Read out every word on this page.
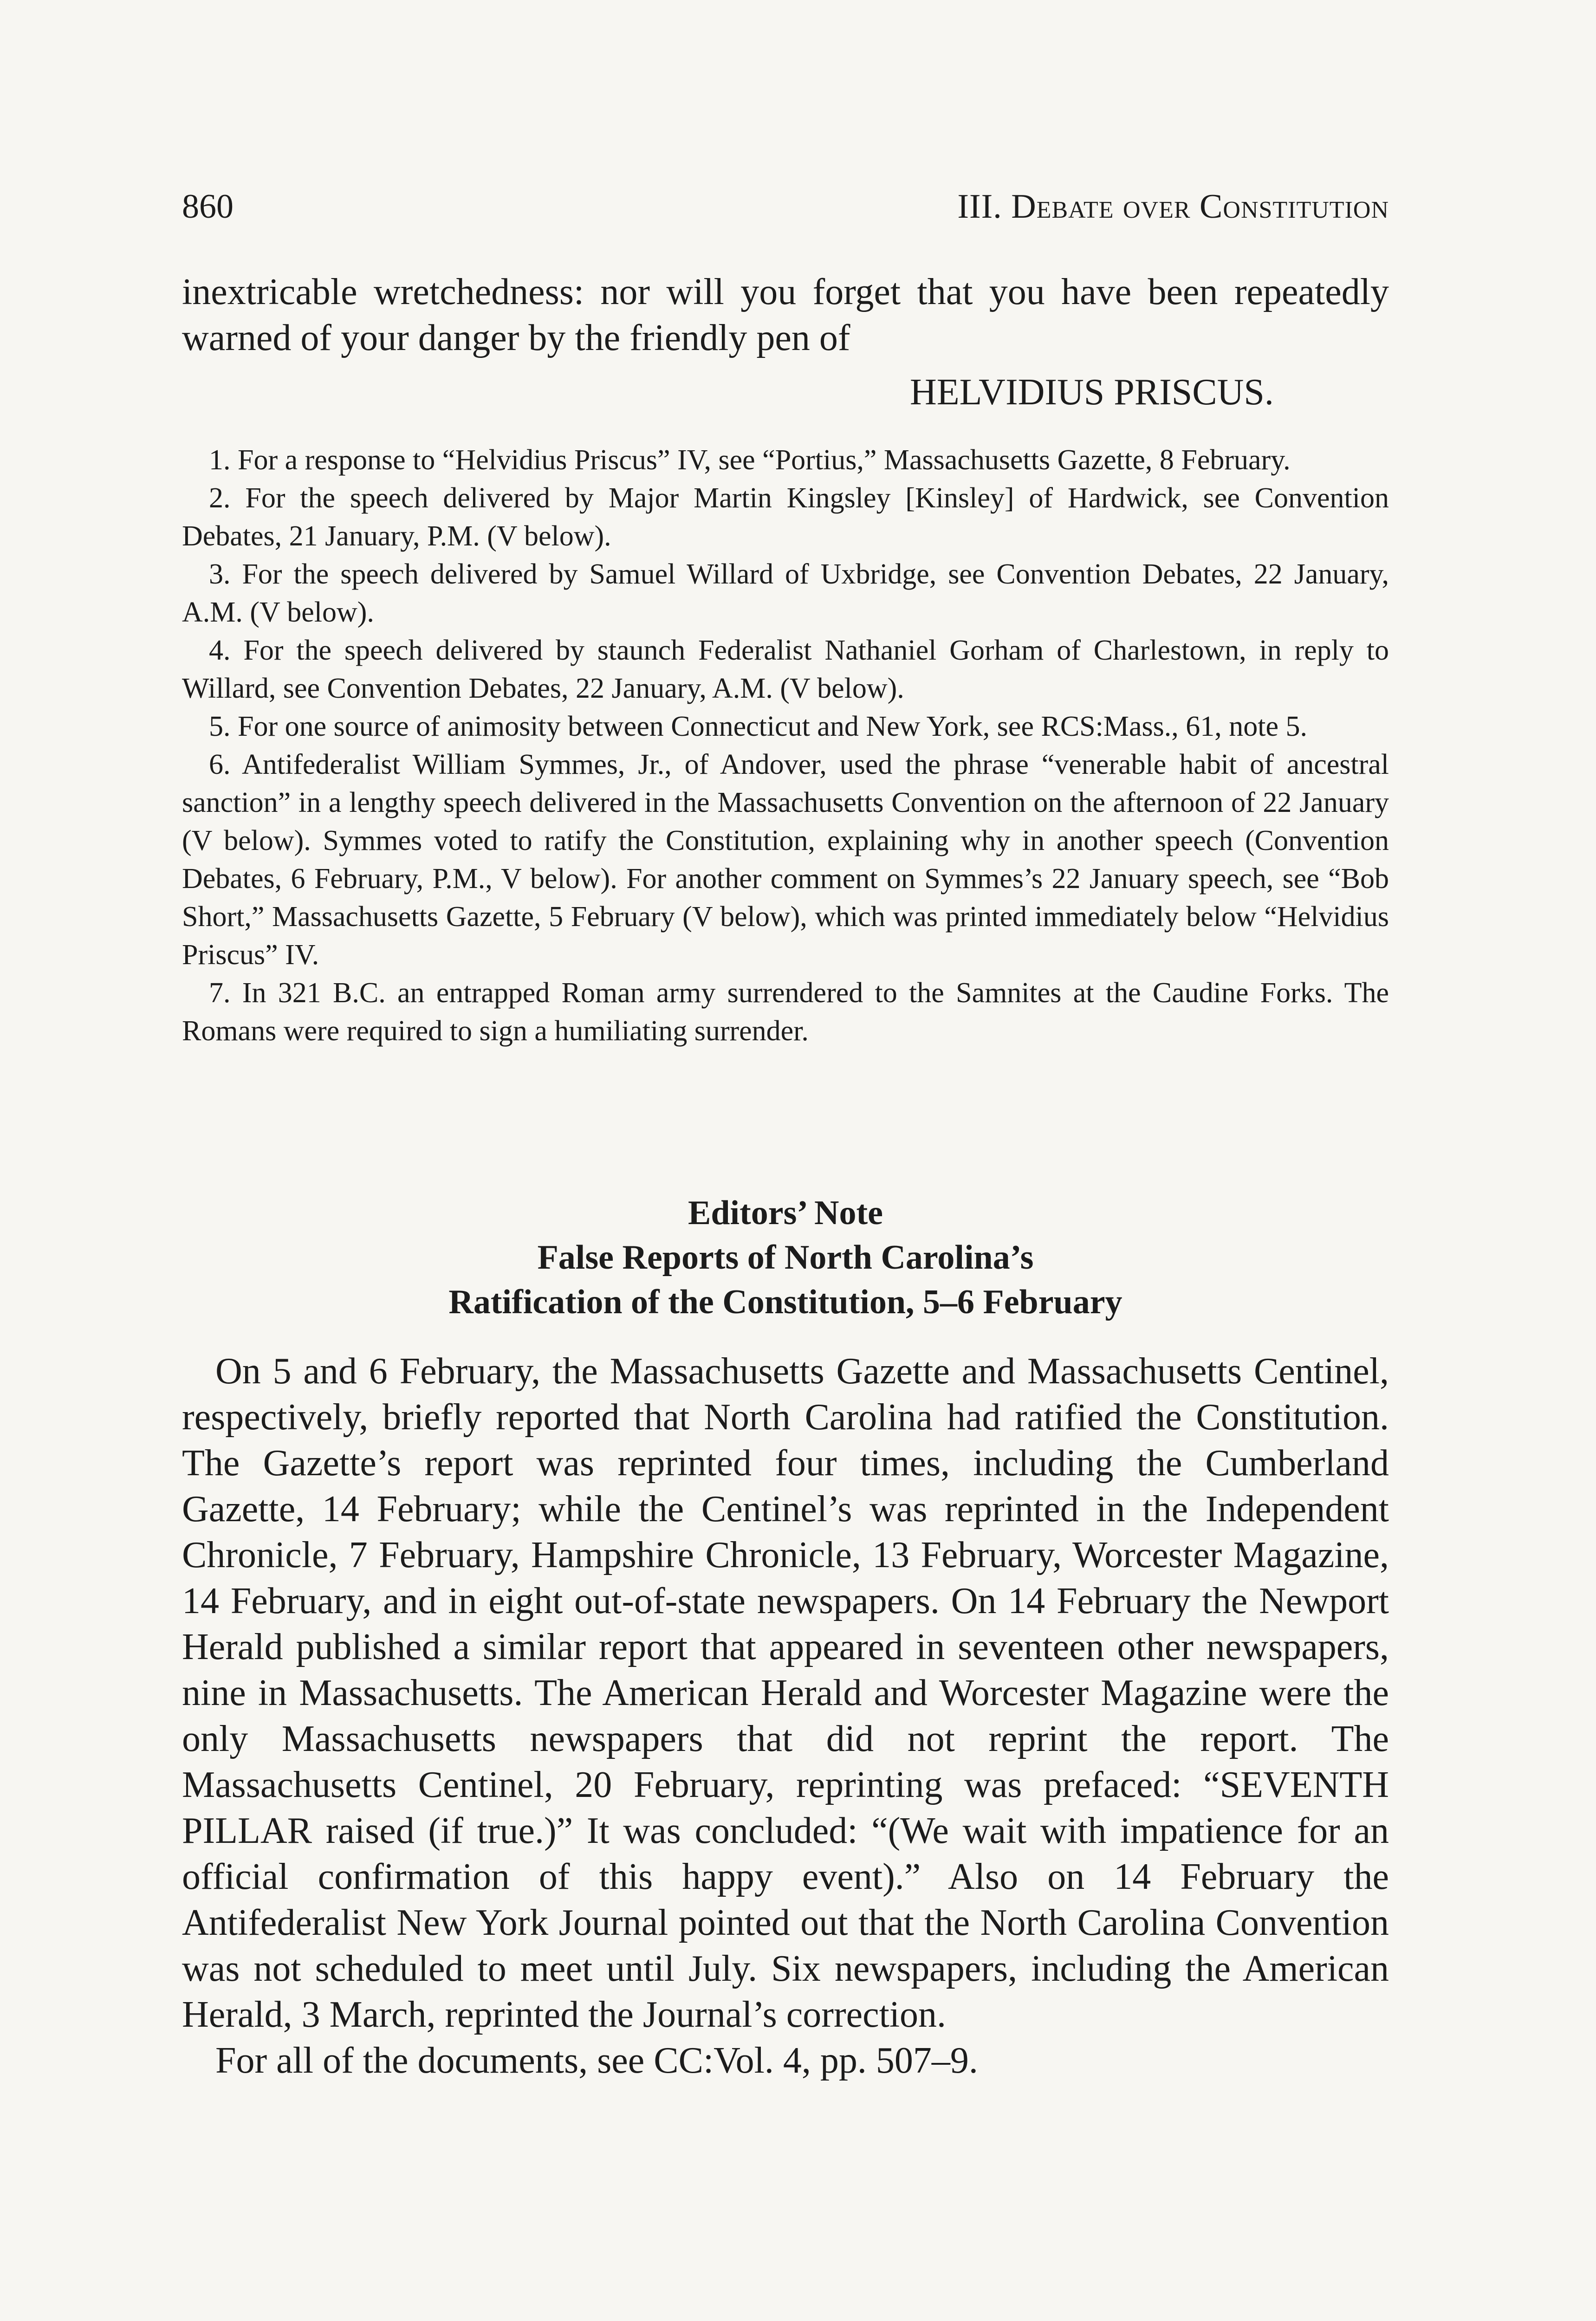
860	III. Debate over Constitution
inextricable wretchedness: nor will you forget that you have been repeatedly warned of your danger by the friendly pen of
HELVIDIUS PRISCUS.

1. For a response to “Helvidius Priscus” IV, see “Portius,” Massachusetts Gazette, 8 February.

2. For the speech delivered by Major Martin Kingsley [Kinsley] of Hardwick, see Convention Debates, 21 January, P.M. (V below).

3. For the speech delivered by Samuel Willard of Uxbridge, see Convention Debates, 22 January, A.M. (V below).

4. For the speech delivered by staunch Federalist Nathaniel Gorham of Charlestown, in reply to Willard, see Convention Debates, 22 January, A.M. (V below).

5. For one source of animosity between Connecticut and New York, see RCS:Mass., 61, note 5.

6. Antifederalist William Symmes, Jr., of Andover, used the phrase “venerable habit of ancestral sanction” in a lengthy speech delivered in the Massachusetts Convention on the afternoon of 22 January (V below). Symmes voted to ratify the Constitution, explaining why in another speech (Convention Debates, 6 February, P.M., V below). For another comment on Symmes’s 22 January speech, see “Bob Short,” Massachusetts Gazette, 5 February (V below), which was printed immediately below “Helvidius Priscus” IV.

7. In 321 B.C. an entrapped Roman army surrendered to the Samnites at the Caudine Forks. The Romans were required to sign a humiliating surrender.

Editors’ Note
False Reports of North Carolina’s
Ratification of the Constitution, 5–6 February

On 5 and 6 February, the Massachusetts Gazette and Massachusetts Centinel, respectively, briefly reported that North Carolina had ratified the Constitution. The Gazette’s report was reprinted four times, including the Cumberland Gazette, 14 February; while the Centinel’s was reprinted in the Independent Chronicle, 7 February, Hampshire Chronicle, 13 February, Worcester Magazine, 14 February, and in eight out-of-state newspapers. On 14 February the Newport Herald published a similar report that appeared in seventeen other newspapers, nine in Massachusetts. The American Herald and Worcester Magazine were the only Massachusetts newspapers that did not reprint the report. The Massachusetts Centinel, 20 February, reprinting was prefaced: “SEVENTH PILLAR raised (if true.)” It was concluded: “(We wait with impatience for an official confirmation of this happy event).” Also on 14 February the Antifederalist New York Journal pointed out that the North Carolina Convention was not scheduled to meet until July. Six newspapers, including the American Herald, 3 March, reprinted the Journal’s correction.

For all of the documents, see CC:Vol. 4, pp. 507–9.
